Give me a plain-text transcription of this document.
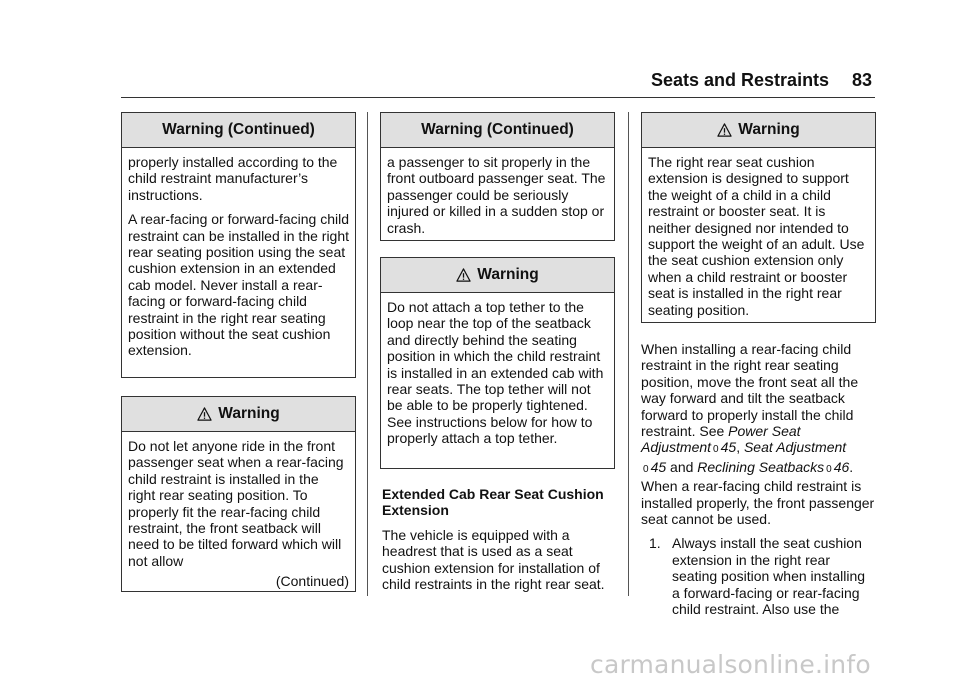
Seats and Restraints 83
Warning (Continued)

properly installed according to the child restraint manufacturer’s instructions.

A rear-facing or forward-facing child restraint can be installed in the right rear seating position using the seat cushion extension in an extended cab model. Never install a rear-facing or forward-facing child restraint in the right rear seating position without the seat cushion extension.

Warning

Do not let anyone ride in the front passenger seat when a rear-facing child restraint is installed in the right rear seating position. To properly fit the rear-facing child restraint, the front seatback will need to be tilted forward which will not allow

(Continued)
Warning (Continued)

a passenger to sit properly in the front outboard passenger seat. The passenger could be seriously injured or killed in a sudden stop or crash.

Warning

Do not attach a top tether to the loop near the top of the seatback and directly behind the seating position in which the child restraint is installed in an extended cab with rear seats. The top tether will not be able to be properly tightened. See instructions below for how to properly attach a top tether.

Extended Cab Rear Seat Cushion Extension

The vehicle is equipped with a headrest that is used as a seat cushion extension for installation of child restraints in the right rear seat.

Warning

The right rear seat cushion extension is designed to support the weight of a child in a child restraint or booster seat. It is neither designed nor intended to support the weight of an adult. Use the seat cushion extension only when a child restraint or booster seat is installed in the right rear seating position.

When installing a rear-facing child restraint in the right rear seating position, move the front seat all the way forward and tilt the seatback forward to properly install the child restraint. See Power Seat Adjustment 0 45, Seat Adjustment 0 45 and Reclining Seatbacks 0 46. When a rear-facing child restraint is installed properly, the front passenger seat cannot be used.

1. Always install the seat cushion extension in the right rear seating position when installing a forward-facing or rear-facing child restraint. Also use the
carmanualsonline.info
